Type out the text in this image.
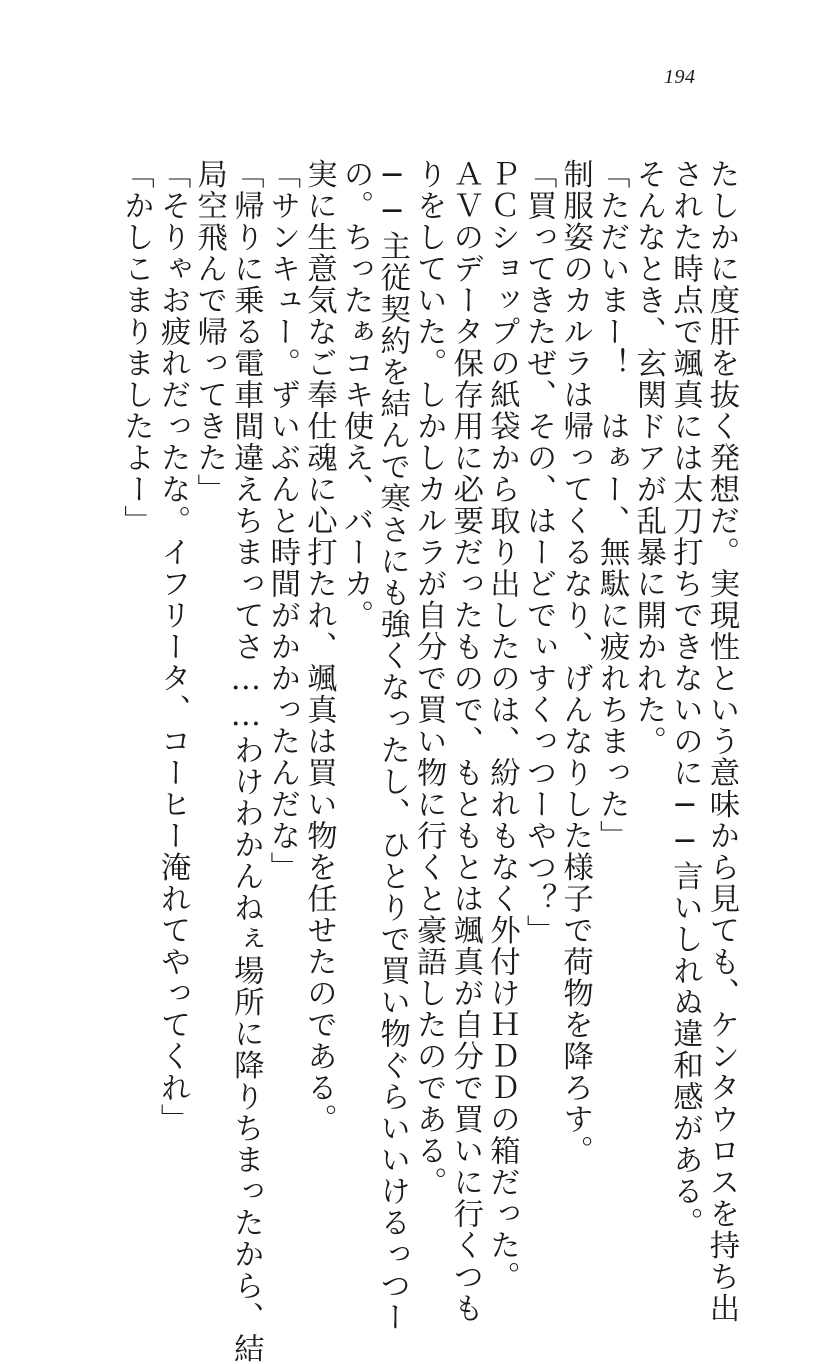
194

たしかに度肝を抜く発想だ。実現性という意味から見ても、ケンタウロスを持ち出

された時点で颯真には太刀打ちできないのに──言いしれぬ違和感がある。

そんなとき、玄関ドアが乱暴に開かれた。

「ただいまー！　はぁー、無駄に疲れちまった」

制服姿のカルラは帰ってくるなり、げんなりした様子で荷物を降ろす。

「買ってきたぜ、その、はーどでぃすくっつーやつ？」

ＰＣショップの紙袋から取り出したのは、紛れもなく外付けＨＤＤの箱だった。

ＡＶのデータ保存用に必要だったもので、もともとは颯真が自分で買いに行くつも

りをしていた。しかしカルラが自分で買い物に行くと豪語したのである。

──主従契約を結んで寒さにも強くなったし、ひとりで買い物ぐらいいけるっつー

の。ちったぁコキ使え、バーカ。

実に生意気なご奉仕魂に心打たれ、颯真は買い物を任せたのである。

「サンキュー。ずいぶんと時間がかかったんだな」

「帰りに乗る電車間違えちまってさ……わけわかんねぇ場所に降りちまったから、結

局空飛んで帰ってきた」

「そりゃお疲れだったな。イフリータ、コーヒー淹れてやってくれ」

「かしこまりましたよー」
